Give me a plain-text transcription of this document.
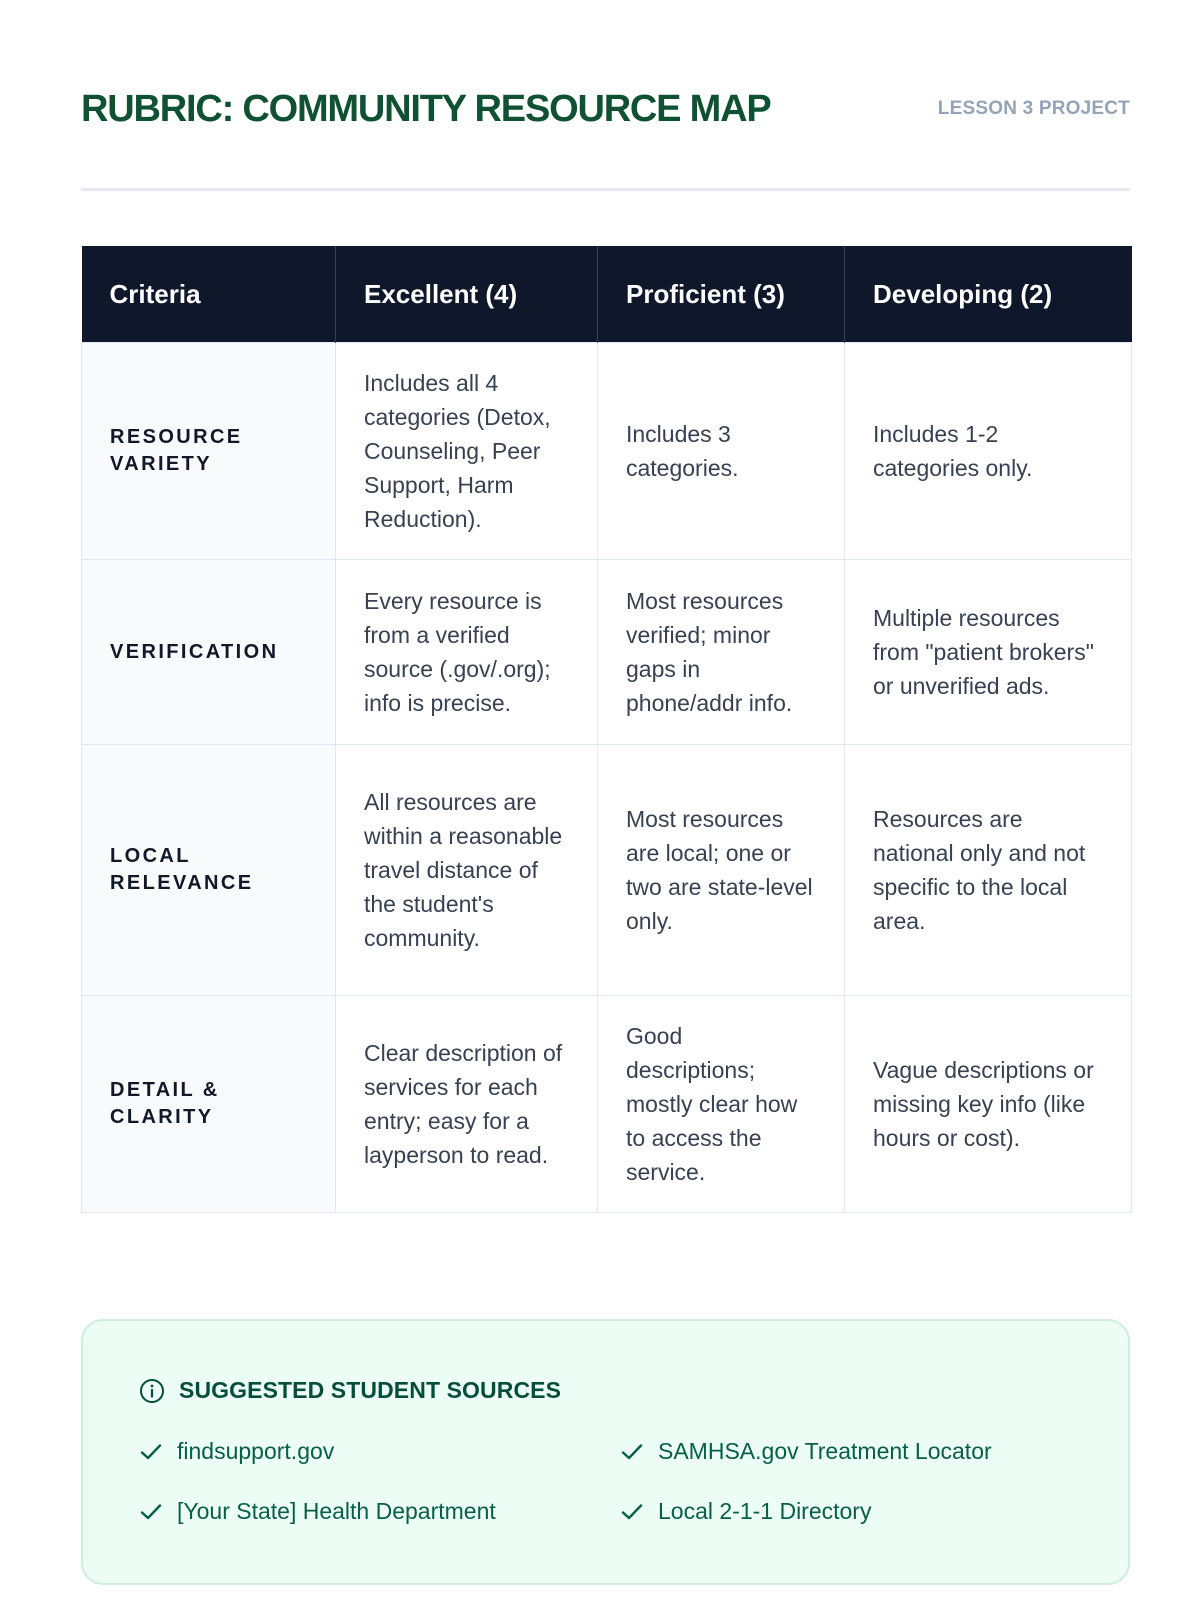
RUBRIC: COMMUNITY RESOURCE MAP	LESSON 3 PROJECT
Criteria	Excellent (4)	Proficient (3)	Developing (2)
RESOURCE VARIETY	Includes all 4 categories (Detox, Counseling, Peer Support, Harm Reduction).	Includes 3 categories.	Includes 1-2 categories only.
VERIFICATION	Every resource is from a verified source (.gov/.org); info is precise.	Most resources verified; minor gaps in phone/addr info.	Multiple resources from "patient brokers" or unverified ads.
LOCAL RELEVANCE	All resources are within a reasonable travel distance of the student's community.	Most resources are local; one or two are state-level only.	Resources are national only and not specific to the local area.
DETAIL & CLARITY	Clear description of services for each entry; easy for a layperson to read.	Good descriptions; mostly clear how to access the service.	Vague descriptions or missing key info (like hours or cost).
SUGGESTED STUDENT SOURCES
findsupport.gov	SAMHSA.gov Treatment Locator
[Your State] Health Department	Local 2-1-1 Directory
